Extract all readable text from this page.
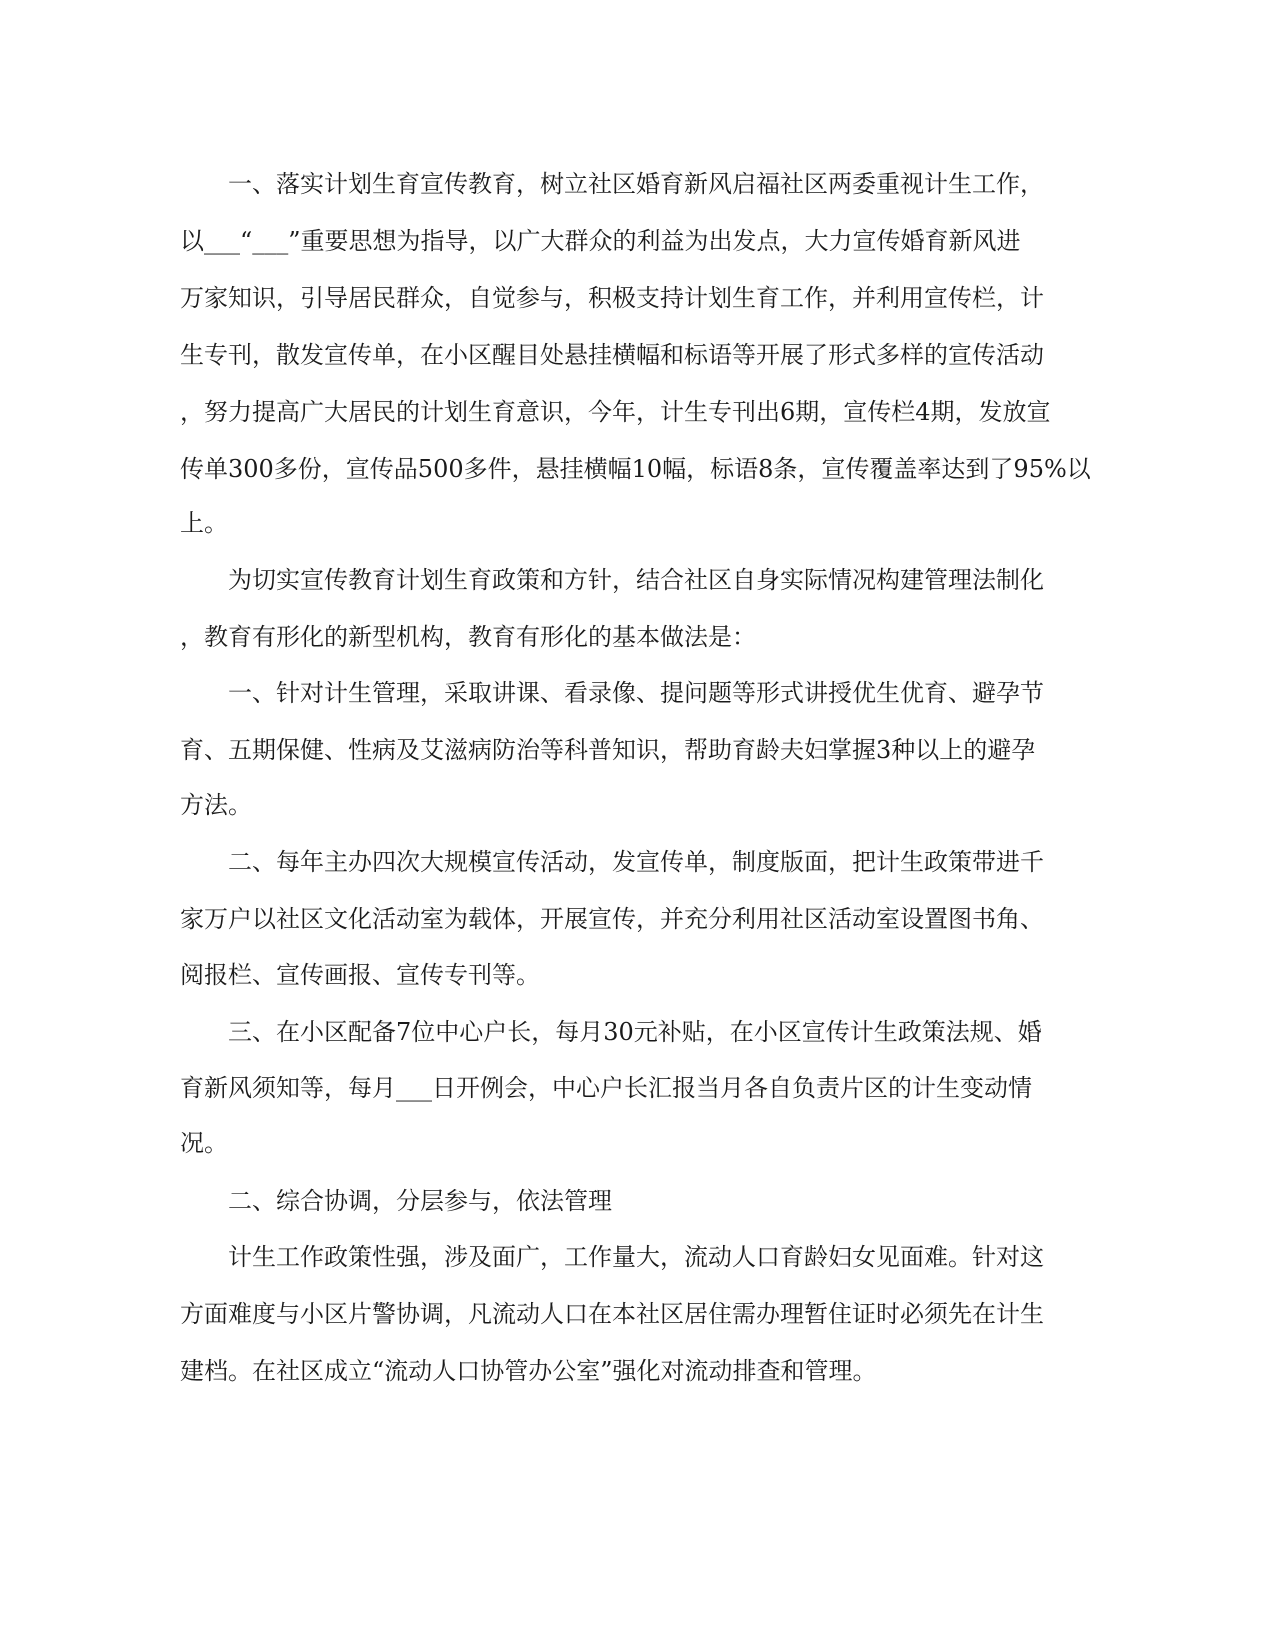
一、落实计划生育宣传教育，树立社区婚育新风启福社区两委重视计生工作，

以___“___”重要思想为指导，以广大群众的利益为出发点，大力宣传婚育新风进

万家知识，引导居民群众，自觉参与，积极支持计划生育工作，并利用宣传栏，计

生专刊，散发宣传单，在小区醒目处悬挂横幅和标语等开展了形式多样的宣传活动

，努力提高广大居民的计划生育意识，今年，计生专刊出6期，宣传栏4期，发放宣

传单300多份，宣传品500多件，悬挂横幅10幅，标语8条，宣传覆盖率达到了95%以

上。

为切实宣传教育计划生育政策和方针，结合社区自身实际情况构建管理法制化

，教育有形化的新型机构，教育有形化的基本做法是：

一、针对计生管理，采取讲课、看录像、提问题等形式讲授优生优育、避孕节

育、五期保健、性病及艾滋病防治等科普知识，帮助育龄夫妇掌握3种以上的避孕

方法。

二、每年主办四次大规模宣传活动，发宣传单，制度版面，把计生政策带进千

家万户以社区文化活动室为载体，开展宣传，并充分利用社区活动室设置图书角、

阅报栏、宣传画报、宣传专刊等。

三、在小区配备7位中心户长，每月30元补贴，在小区宣传计生政策法规、婚

育新风须知等，每月___日开例会，中心户长汇报当月各自负责片区的计生变动情

况。

二、综合协调，分层参与，依法管理

计生工作政策性强，涉及面广，工作量大，流动人口育龄妇女见面难。针对这

方面难度与小区片警协调，凡流动人口在本社区居住需办理暂住证时必须先在计生

建档。在社区成立“流动人口协管办公室”强化对流动排查和管理。
